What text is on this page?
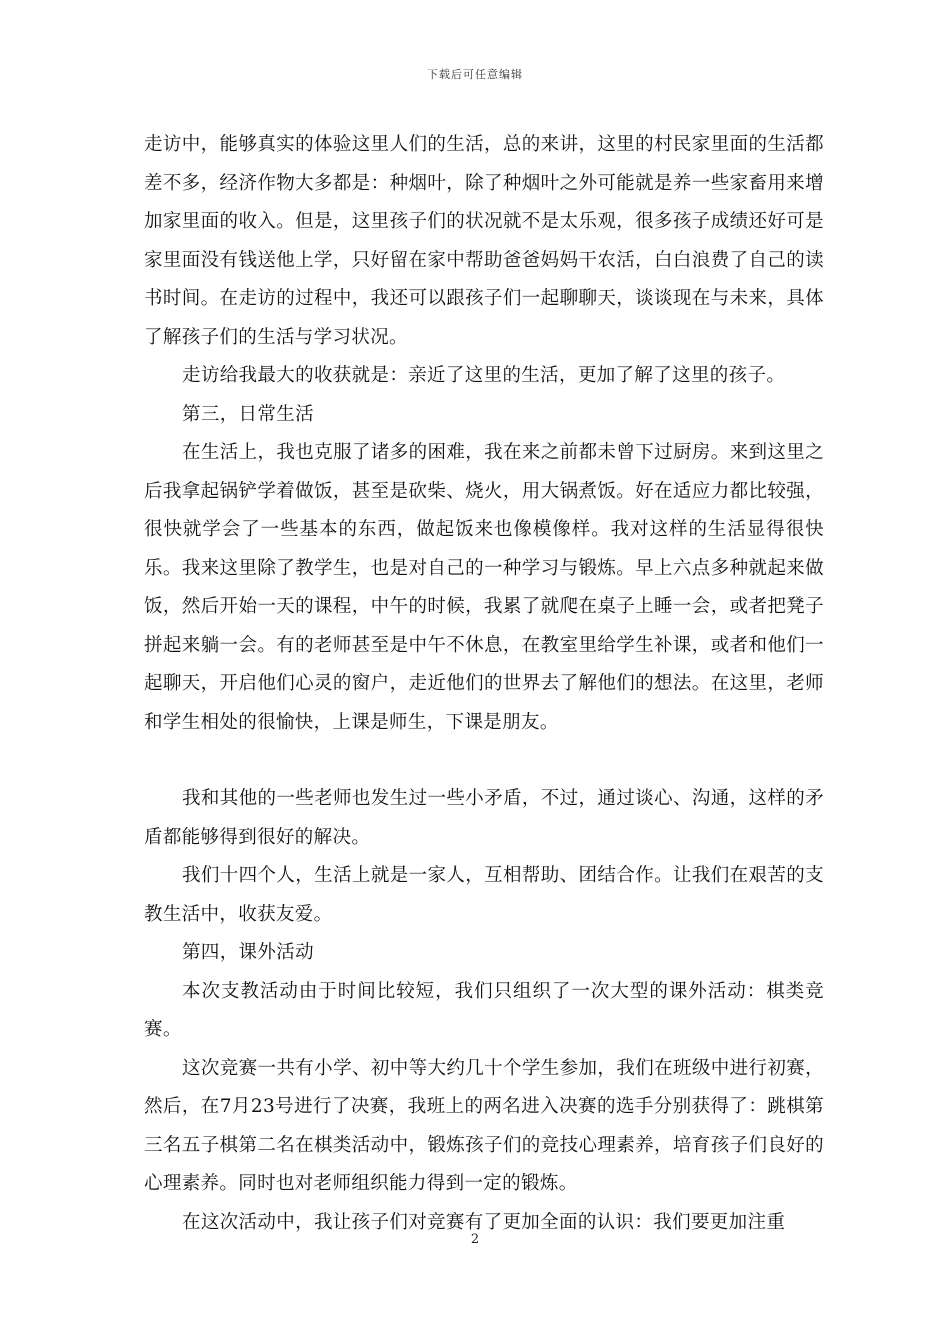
下载后可任意编辑

走访中，能够真实的体验这里人们的生活，总的来讲，这里的村民家里面的生活都差不多，经济作物大多都是：种烟叶，除了种烟叶之外可能就是养一些家畜用来增加家里面的收入。但是，这里孩子们的状况就不是太乐观，很多孩子成绩还好可是家里面没有钱送他上学，只好留在家中帮助爸爸妈妈干农活，白白浪费了自己的读书时间。在走访的过程中，我还可以跟孩子们一起聊聊天，谈谈现在与未来，具体了解孩子们的生活与学习状况。

走访给我最大的收获就是：亲近了这里的生活，更加了解了这里的孩子。

第三，日常生活

在生活上，我也克服了诸多的困难，我在来之前都未曾下过厨房。来到这里之后我拿起锅铲学着做饭，甚至是砍柴、烧火，用大锅煮饭。好在适应力都比较强，很快就学会了一些基本的东西，做起饭来也像模像样。我对这样的生活显得很快乐。我来这里除了教学生，也是对自己的一种学习与锻炼。早上六点多种就起来做饭，然后开始一天的课程，中午的时候，我累了就爬在桌子上睡一会，或者把凳子拼起来躺一会。有的老师甚至是中午不休息，在教室里给学生补课，或者和他们一起聊天，开启他们心灵的窗户，走近他们的世界去了解他们的想法。在这里，老师和学生相处的很愉快，上课是师生，下课是朋友。

我和其他的一些老师也发生过一些小矛盾，不过，通过谈心、沟通，这样的矛盾都能够得到很好的解决。

我们十四个人，生活上就是一家人，互相帮助、团结合作。让我们在艰苦的支教生活中，收获友爱。

第四，课外活动

本次支教活动由于时间比较短，我们只组织了一次大型的课外活动：棋类竞赛。

这次竞赛一共有小学、初中等大约几十个学生参加，我们在班级中进行初赛，然后，在7月23号进行了决赛，我班上的两名进入决赛的选手分别获得了：跳棋第三名五子棋第二名在棋类活动中，锻炼孩子们的竞技心理素养，培育孩子们良好的心理素养。同时也对老师组织能力得到一定的锻炼。

在这次活动中，我让孩子们对竞赛有了更加全面的认识：我们要更加注重

2
